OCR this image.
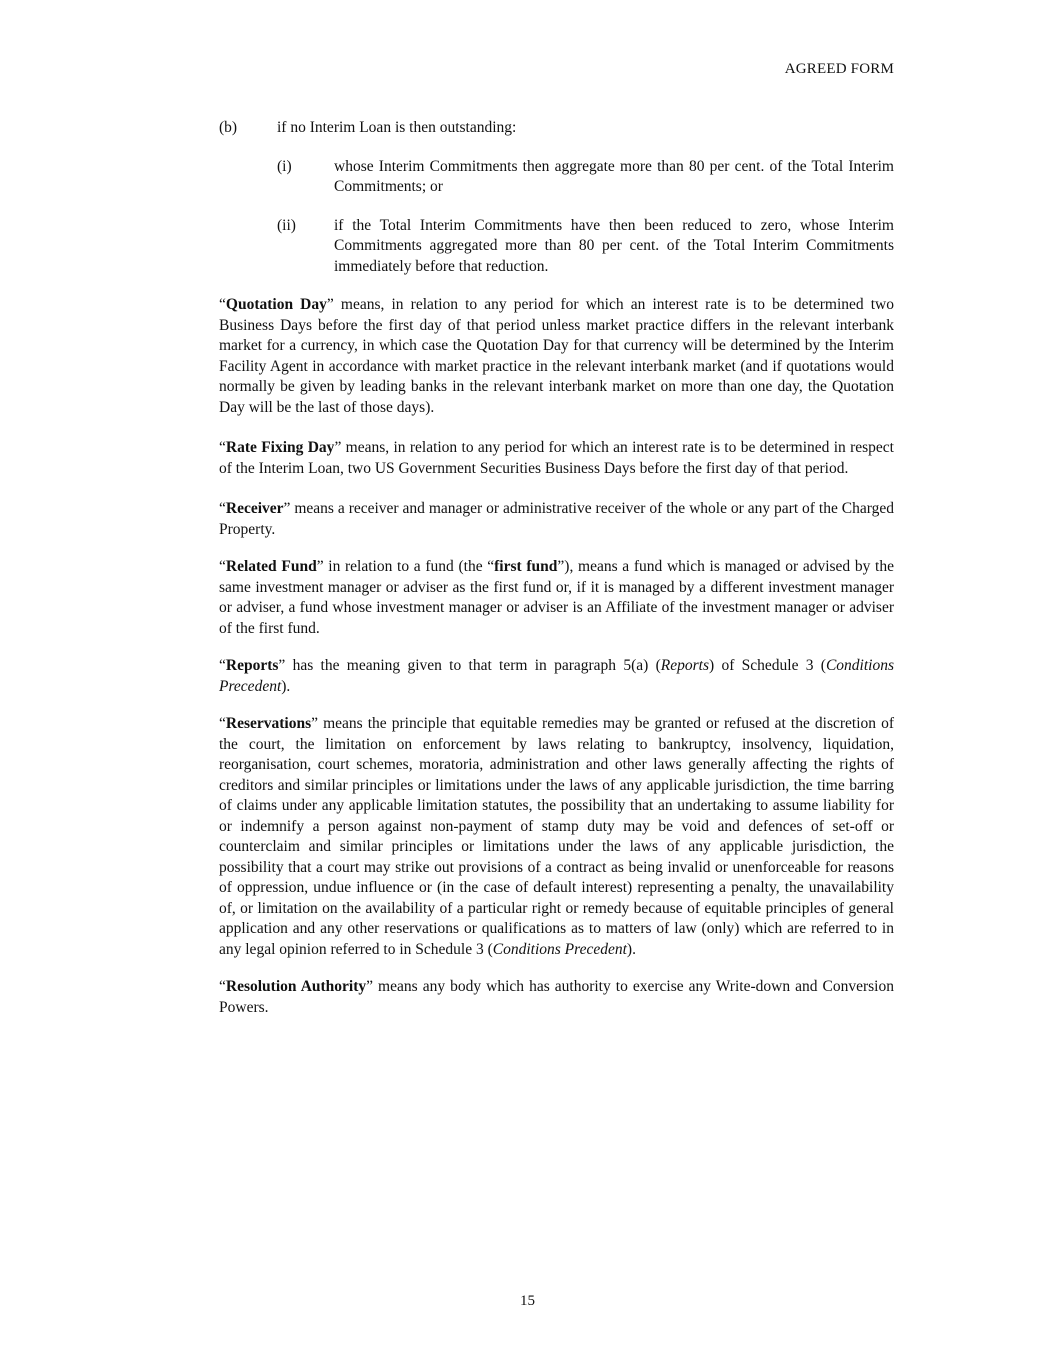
AGREED FORM
(b)	if no Interim Loan is then outstanding:
(i)	whose Interim Commitments then aggregate more than 80 per cent. of the Total Interim Commitments; or
(ii)	if the Total Interim Commitments have then been reduced to zero, whose Interim Commitments aggregated more than 80 per cent. of the Total Interim Commitments immediately before that reduction.

“Quotation Day” means, in relation to any period for which an interest rate is to be determined two Business Days before the first day of that period unless market practice differs in the relevant interbank market for a currency, in which case the Quotation Day for that currency will be determined by the Interim Facility Agent in accordance with market practice in the relevant interbank market (and if quotations would normally be given by leading banks in the relevant interbank market on more than one day, the Quotation Day will be the last of those days).

“Rate Fixing Day” means, in relation to any period for which an interest rate is to be determined in respect of the Interim Loan, two US Government Securities Business Days before the first day of that period.

“Receiver” means a receiver and manager or administrative receiver of the whole or any part of the Charged Property.

“Related Fund” in relation to a fund (the “first fund”), means a fund which is managed or advised by the same investment manager or adviser as the first fund or, if it is managed by a different investment manager or adviser, a fund whose investment manager or adviser is an Affiliate of the investment manager or adviser of the first fund.

“Reports” has the meaning given to that term in paragraph 5(a) (Reports) of Schedule 3 (Conditions Precedent).

“Reservations” means the principle that equitable remedies may be granted or refused at the discretion of the court, the limitation on enforcement by laws relating to bankruptcy, insolvency, liquidation, reorganisation, court schemes, moratoria, administration and other laws generally affecting the rights of creditors and similar principles or limitations under the laws of any applicable jurisdiction, the time barring of claims under any applicable limitation statutes, the possibility that an undertaking to assume liability for or indemnify a person against non-payment of stamp duty may be void and defences of set-off or counterclaim and similar principles or limitations under the laws of any applicable jurisdiction, the possibility that a court may strike out provisions of a contract as being invalid or unenforceable for reasons of oppression, undue influence or (in the case of default interest) representing a penalty, the unavailability of, or limitation on the availability of a particular right or remedy because of equitable principles of general application and any other reservations or qualifications as to matters of law (only) which are referred to in any legal opinion referred to in Schedule 3 (Conditions Precedent).

“Resolution Authority” means any body which has authority to exercise any Write-down and Conversion Powers.

15
